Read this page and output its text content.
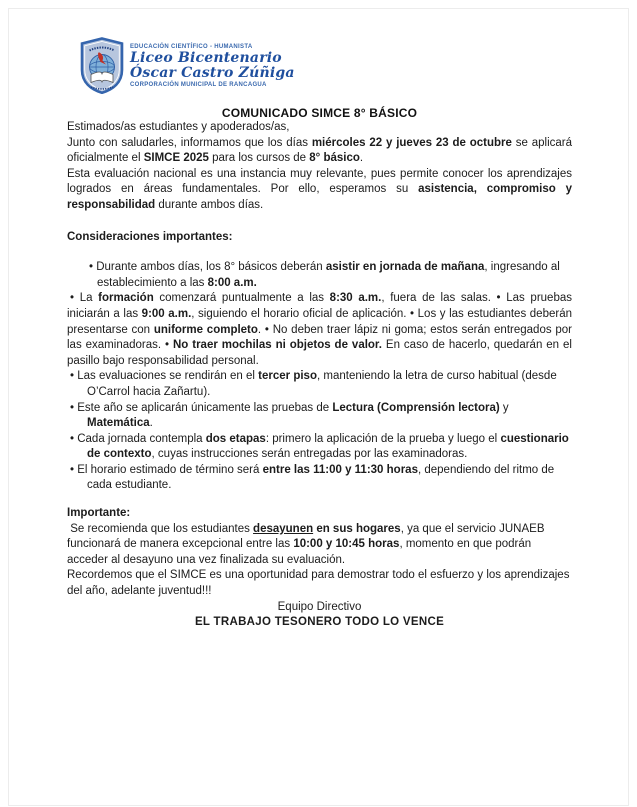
EDUCACIÓN CIENTÍFICO - HUMANISTA
Liceo Bicentenario
Óscar Castro Zúñiga
CORPORACIÓN MUNICIPAL DE RANCAGUA
COMUNICADO SIMCE 8° BÁSICO

Estimados/as estudiantes y apoderados/as,

Junto con saludarles, informamos que los días miércoles 22 y jueves 23 de octubre se aplicará oficialmente el SIMCE 2025 para los cursos de 8° básico.

Esta evaluación nacional es una instancia muy relevante, pues permite conocer los aprendizajes logrados en áreas fundamentales. Por ello, esperamos su asistencia, compromiso y responsabilidad durante ambos días.

Consideraciones importantes:
• Durante ambos días, los 8° básicos deberán asistir en jornada de mañana, ingresando al establecimiento a las 8:00 a.m.
• La formación comenzará puntualmente a las 8:30 a.m., fuera de las salas. • Las pruebas iniciarán a las 9:00 a.m., siguiendo el horario oficial de aplicación. • Los y las estudiantes deberán presentarse con uniforme completo. • No deben traer lápiz ni goma; estos serán entregados por las examinadoras. • No traer mochilas ni objetos de valor. En caso de hacerlo, quedarán en el pasillo bajo responsabilidad personal.
• Las evaluaciones se rendirán en el tercer piso, manteniendo la letra de curso habitual (desde O’Carrol hacia Zañartu).
• Este año se aplicarán únicamente las pruebas de Lectura (Comprensión lectora) y Matemática.
• Cada jornada contempla dos etapas: primero la aplicación de la prueba y luego el cuestionario de contexto, cuyas instrucciones serán entregadas por las examinadoras.
• El horario estimado de término será entre las 11:00 y 11:30 horas, dependiendo del ritmo de cada estudiante.
Importante:

Se recomienda que los estudiantes desayunen en sus hogares, ya que el servicio JUNAEB funcionará de manera excepcional entre las 10:00 y 10:45 horas, momento en que podrán acceder al desayuno una vez finalizada su evaluación.

Recordemos que el SIMCE es una oportunidad para demostrar todo el esfuerzo y los aprendizajes del año, adelante juventud!!!

Equipo Directivo

EL TRABAJO TESONERO TODO LO VENCE
